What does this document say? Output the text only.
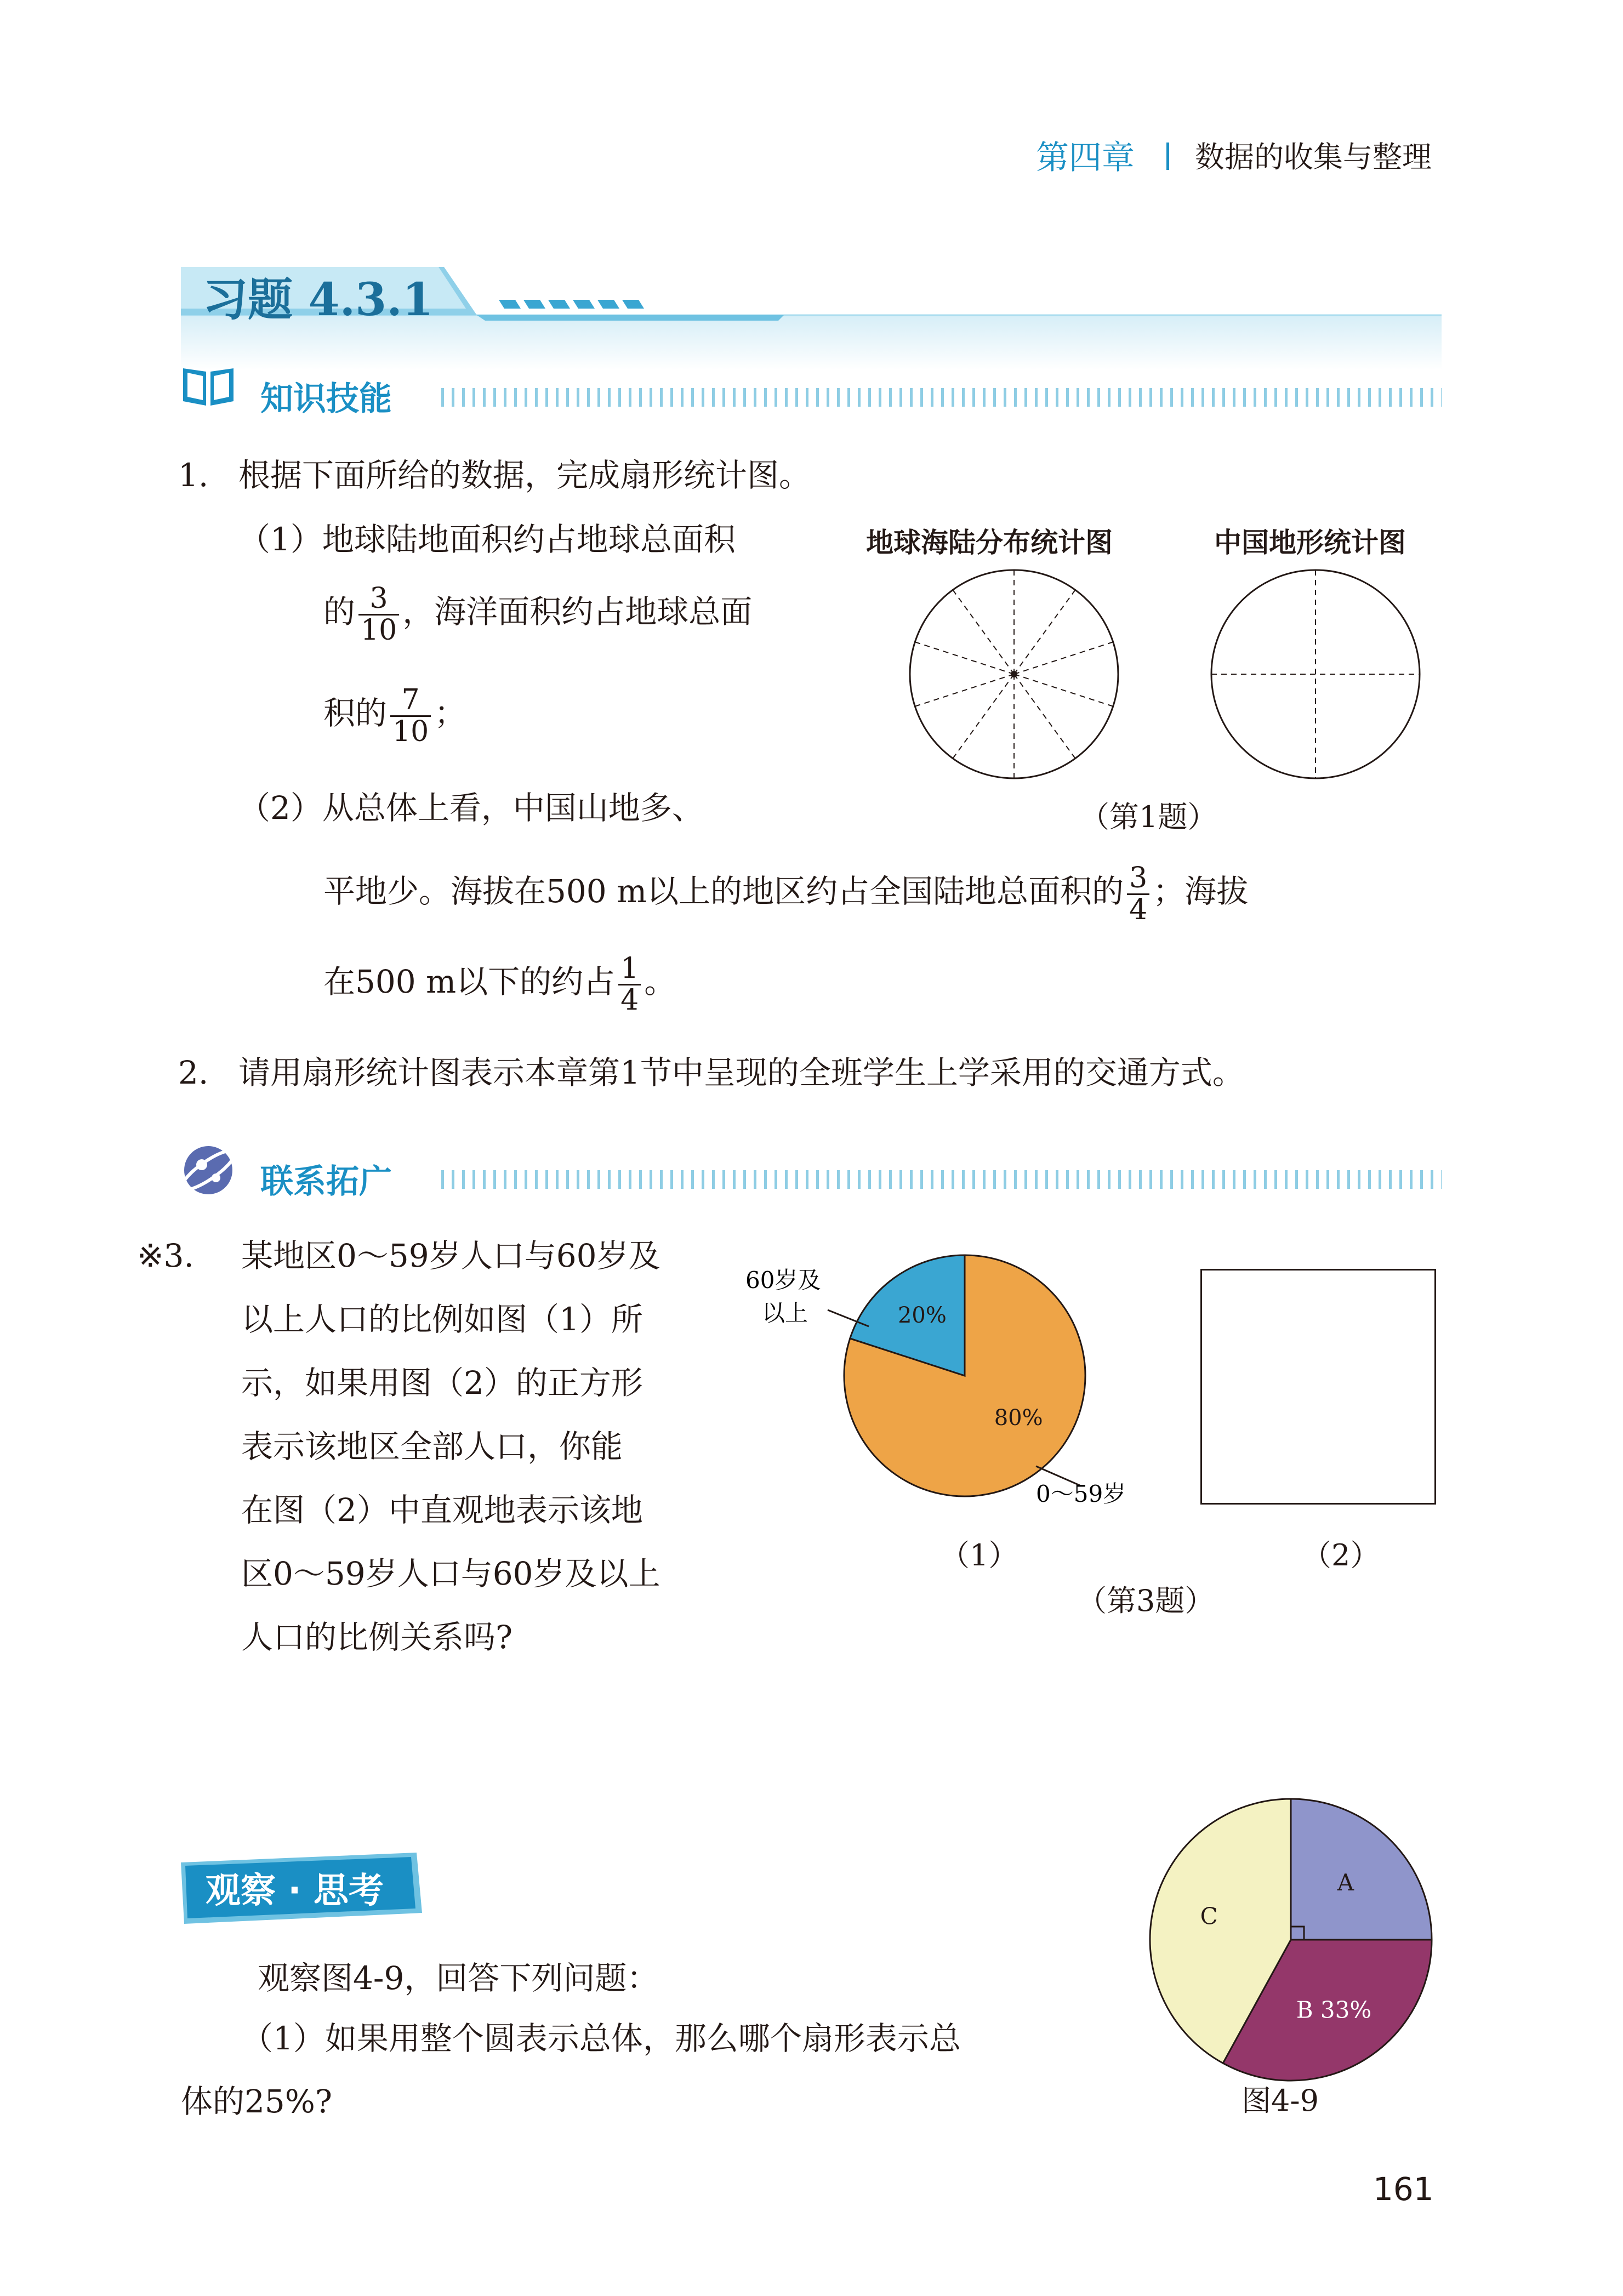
第四章 数据的收集与整理
习题 4.3.1
知识技能
1. 根据下面所给的数据，完成扇形统计图。
（1）地球陆地面积约占地球总面积
的 $\frac{3}{10}$ ，海洋面积约占地球总面
积的 $\frac{7}{10}$ ；
（2）从总体上看，中国山地多、
平地少。海拔在500 m以上的地区约占全国陆地总面积的 $\frac{3}{4}$ ；海拔
在500 m以下的约占 $\frac{1}{4}$ 。
地球海陆分布统计图	中国地形统计图
（第1题）
2. 请用扇形统计图表示本章第1节中呈现的全班学生上学采用的交通方式。
联系拓广
※3. 某地区0～59岁人口与60岁及
以上人口的比例如图（1）所
示，如果用图（2）的正方形
表示该地区全部人口，你能
在图（2）中直观地表示该地
区0～59岁人口与60岁及以上
人口的比例关系吗?
20%
80%
60岁及
以上
0～59岁
（1）	（2）
（第3题）
观察 · 思考
观察图4-9，回答下列问题：
（1）如果用整个圆表示总体，那么哪个扇形表示总
体的25%?
A
B 33%
C
图4-9
161
